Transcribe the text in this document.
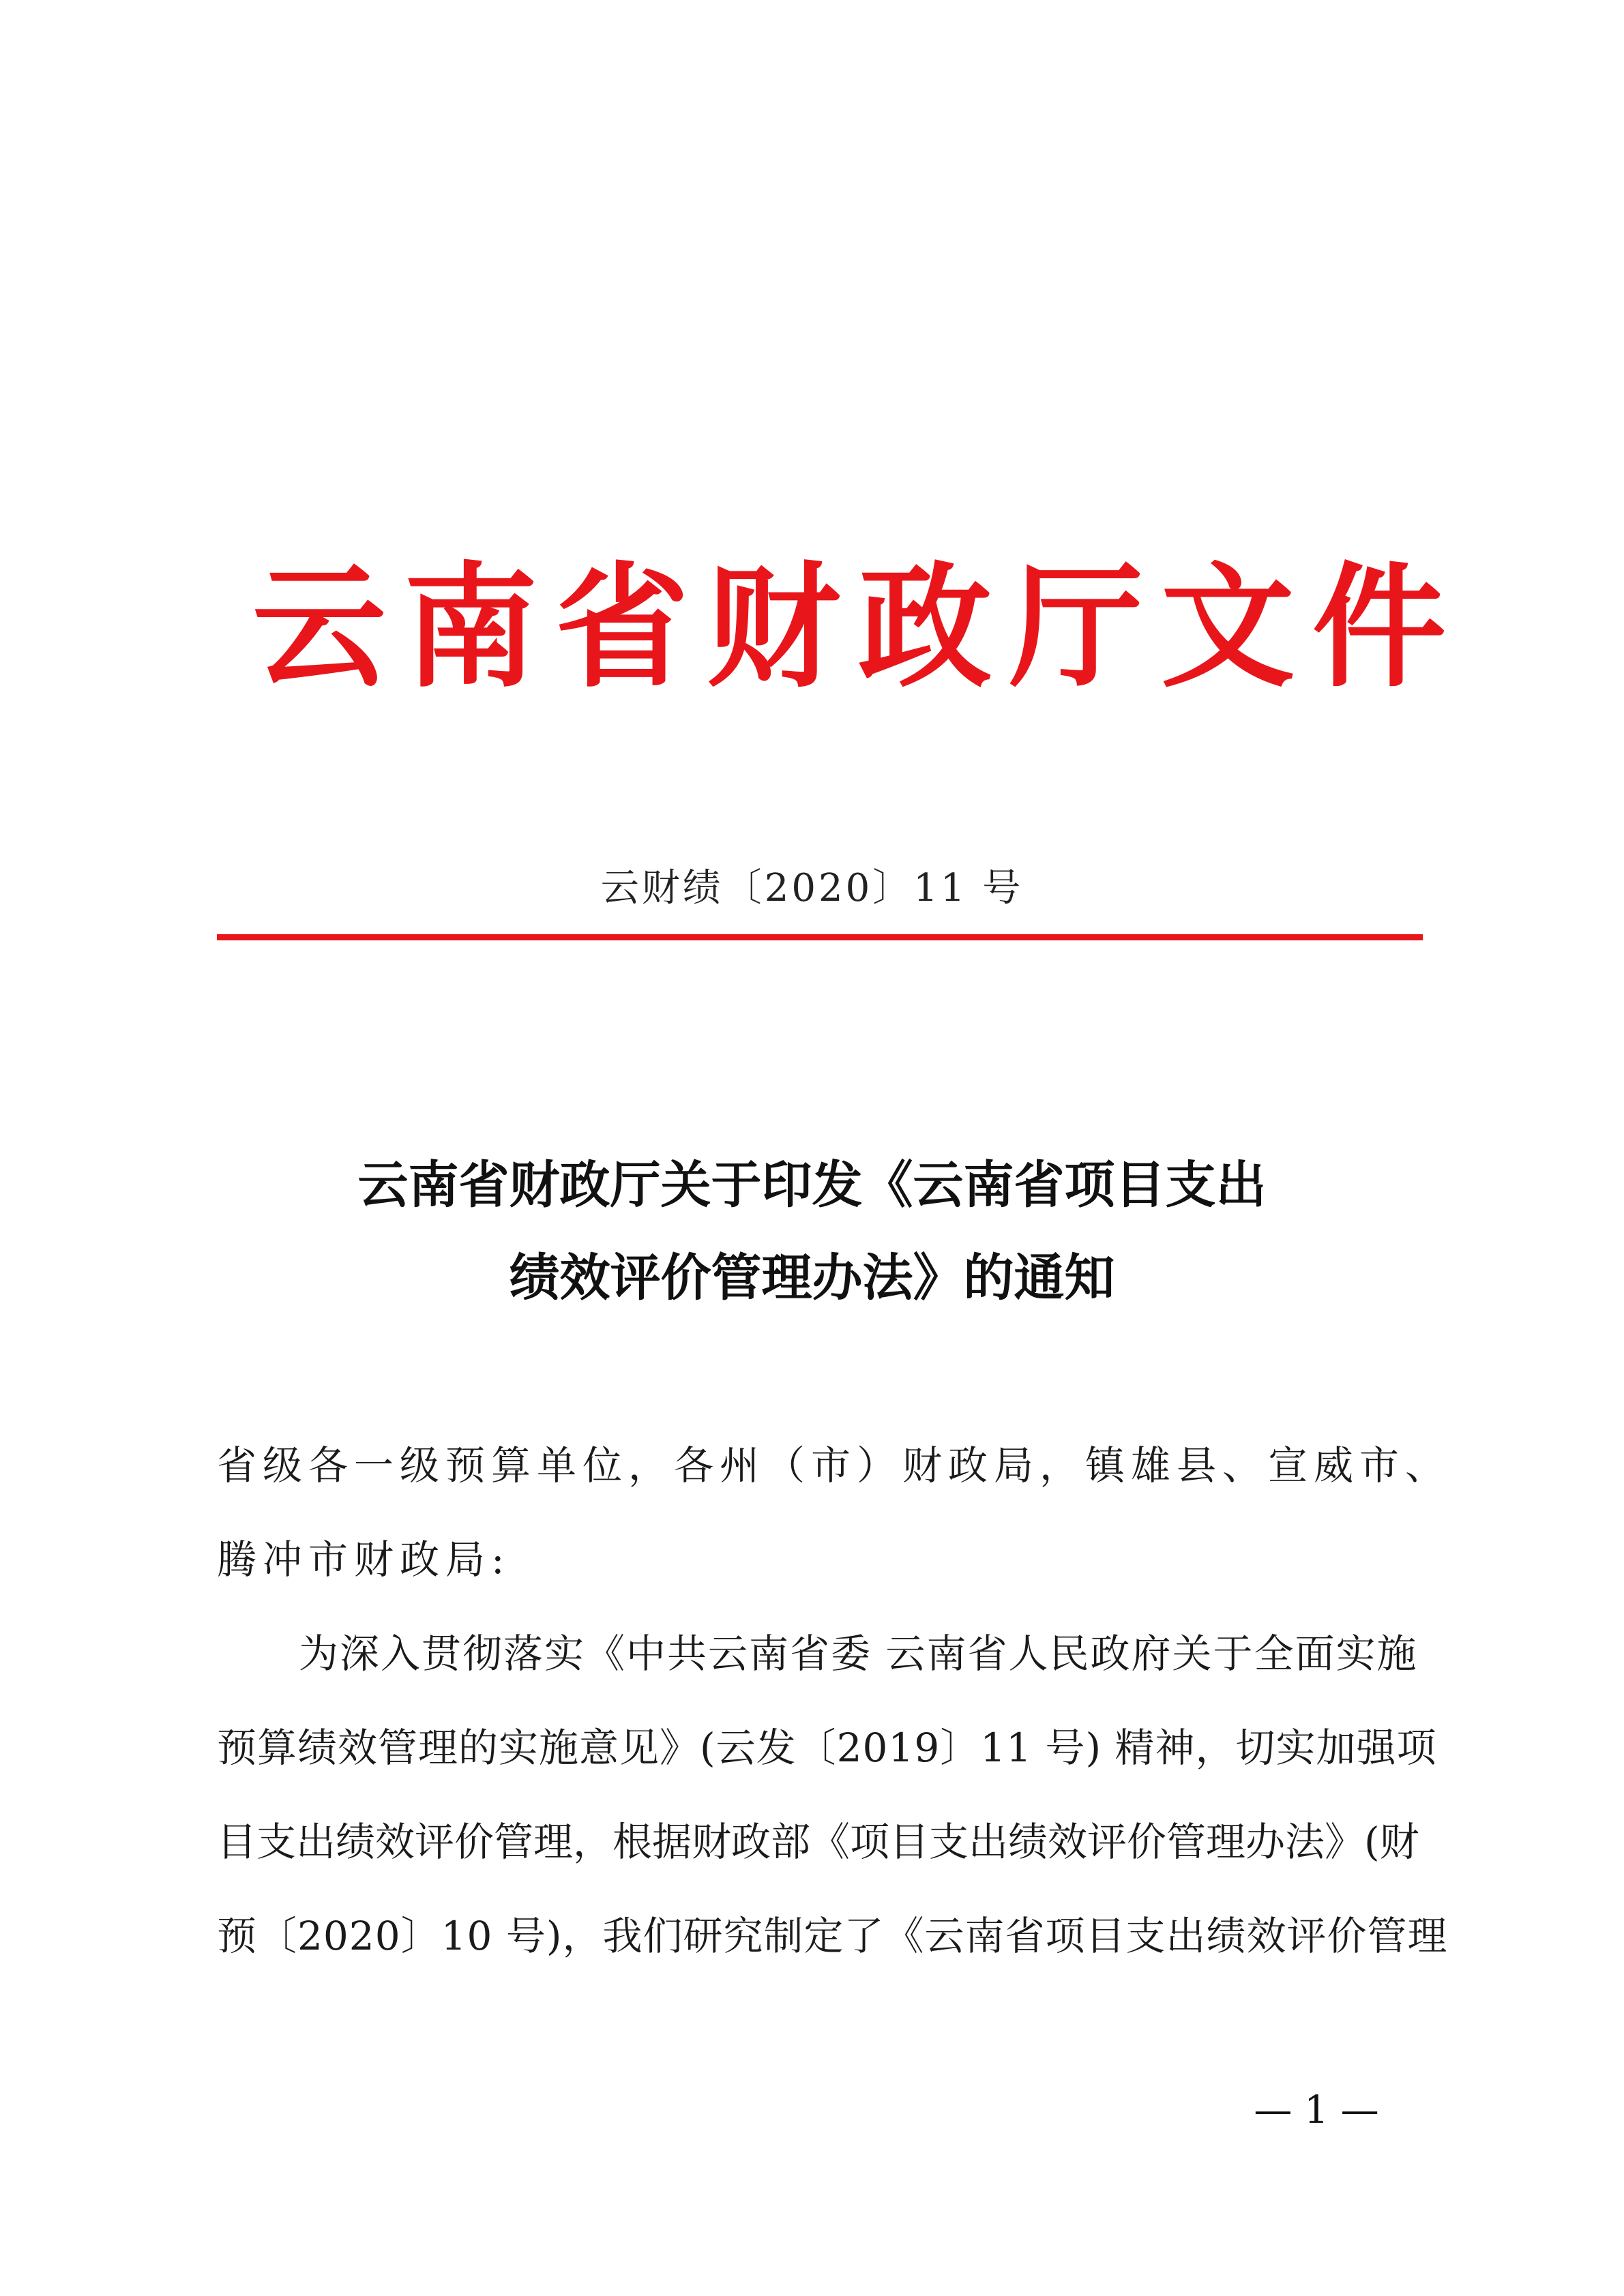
云南省财政厅文件
云财绩〔2020〕11 号
云南省财政厅关于印发《云南省项目支出
绩效评价管理办法》的通知
省级各一级预算单位，各州（市）财政局，镇雄县、宣威市、
腾冲市财政局:
为深入贯彻落实《中共云南省委 云南省人民政府关于全面实施
预算绩效管理的实施意见》(云发〔2019〕11 号) 精神，切实加强项
目支出绩效评价管理，根据财政部《项目支出绩效评价管理办法》(财
预〔2020〕10 号)，我们研究制定了《云南省项目支出绩效评价管理
— 1 —
